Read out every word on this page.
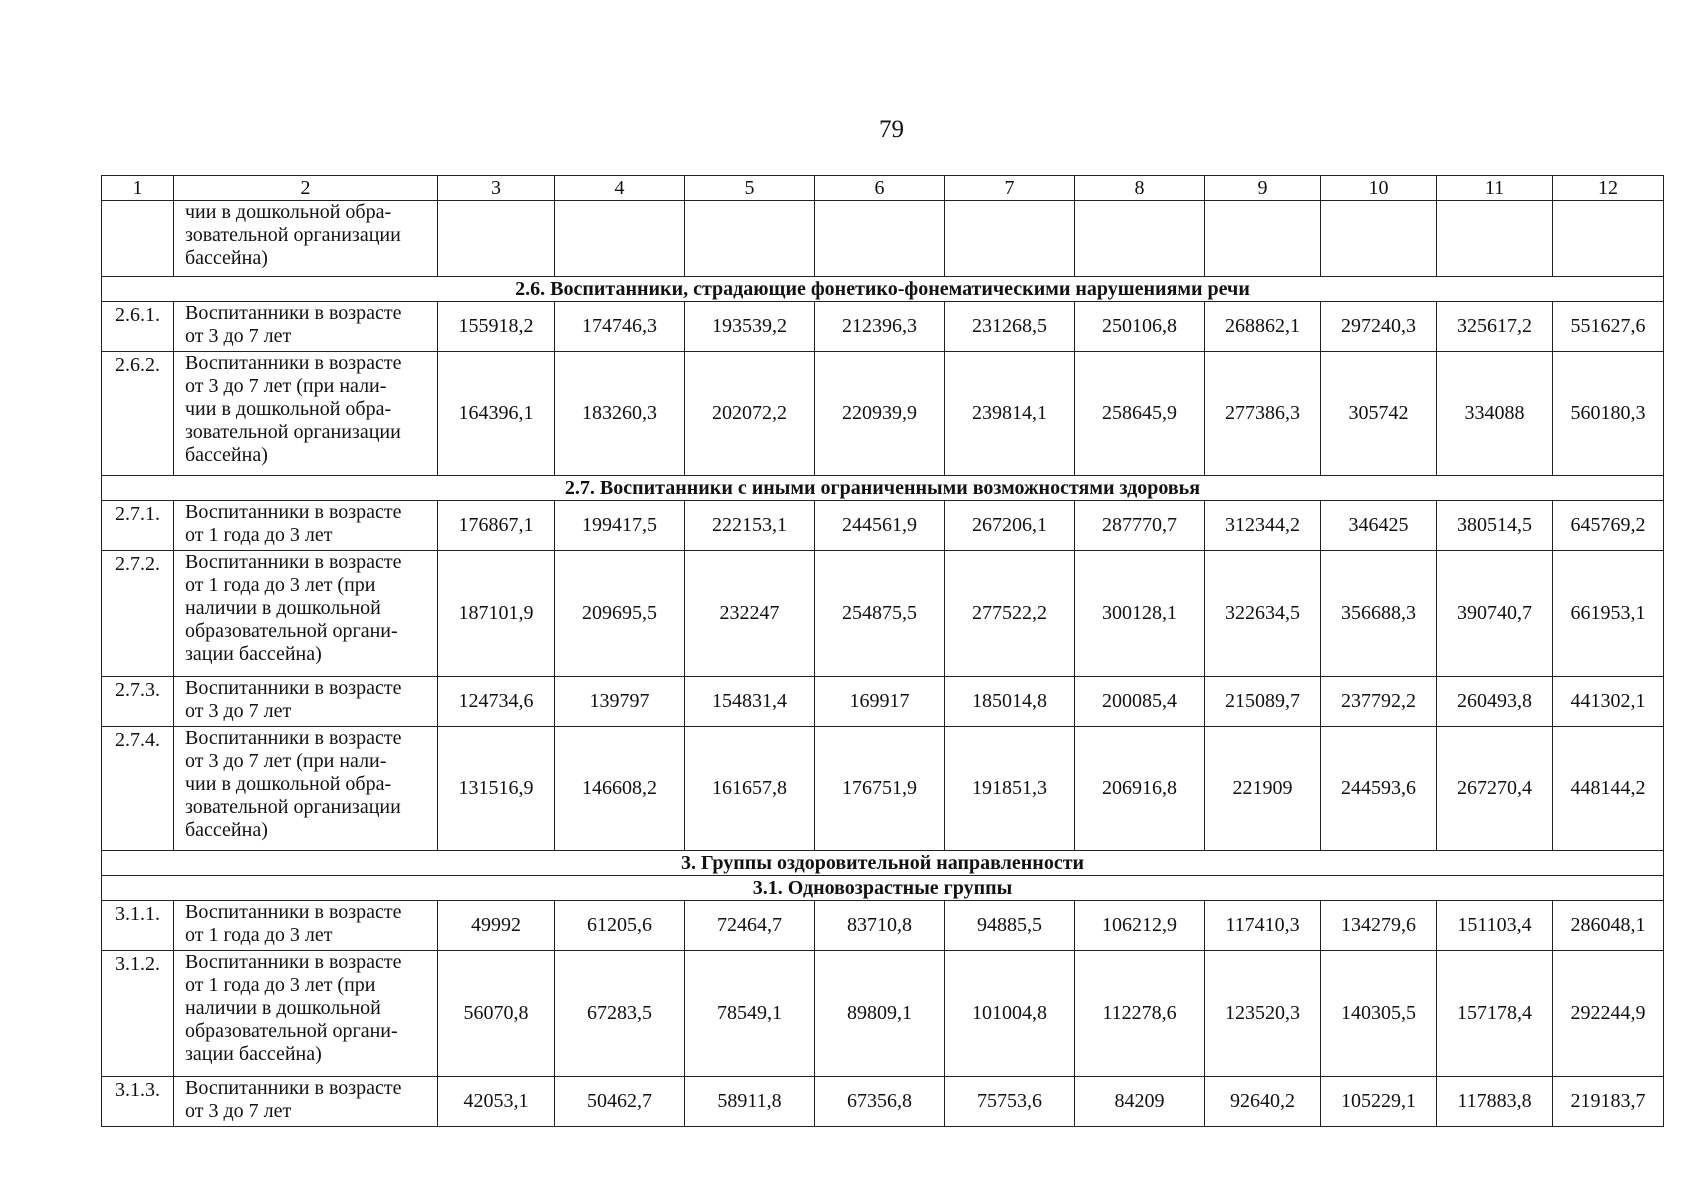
79
1	2	3	4	5	6	7	8	9	10	11	12
	чии в дошкольной обра-
зовательной организации
бассейна)										
2.6. Воспитанники, страдающие фонетико-фонематическими нарушениями речи											
2.6.1.	Воспитанники в возрасте
от 3 до 7 лет	155918,2	174746,3	193539,2	212396,3	231268,5	250106,8	268862,1	297240,3	325617,2	551627,6
2.6.2.	Воспитанники в возрасте
от 3 до 7 лет (при нали-
чии в дошкольной обра-
зовательной организации
бассейна)	164396,1	183260,3	202072,2	220939,9	239814,1	258645,9	277386,3	305742	334088	560180,3
2.7. Воспитанники с иными ограниченными возможностями здоровья											
2.7.1.	Воспитанники в возрасте
от 1 года до 3 лет	176867,1	199417,5	222153,1	244561,9	267206,1	287770,7	312344,2	346425	380514,5	645769,2
2.7.2.	Воспитанники в возрасте
от 1 года до 3 лет (при
наличии в дошкольной
образовательной органи-
зации бассейна)	187101,9	209695,5	232247	254875,5	277522,2	300128,1	322634,5	356688,3	390740,7	661953,1
2.7.3.	Воспитанники в возрасте
от 3 до 7 лет	124734,6	139797	154831,4	169917	185014,8	200085,4	215089,7	237792,2	260493,8	441302,1
2.7.4.	Воспитанники в возрасте
от 3 до 7 лет (при нали-
чии в дошкольной обра-
зовательной организации
бассейна)	131516,9	146608,2	161657,8	176751,9	191851,3	206916,8	221909	244593,6	267270,4	448144,2
3. Группы оздоровительной направленности											
3.1. Одновозрастные группы											
3.1.1.	Воспитанники в возрасте
от 1 года до 3 лет	49992	61205,6	72464,7	83710,8	94885,5	106212,9	117410,3	134279,6	151103,4	286048,1
3.1.2.	Воспитанники в возрасте
от 1 года до 3 лет (при
наличии в дошкольной
образовательной органи-
зации бассейна)	56070,8	67283,5	78549,1	89809,1	101004,8	112278,6	123520,3	140305,5	157178,4	292244,9
3.1.3.	Воспитанники в возрасте
от 3 до 7 лет	42053,1	50462,7	58911,8	67356,8	75753,6	84209	92640,2	105229,1	117883,8	219183,7
